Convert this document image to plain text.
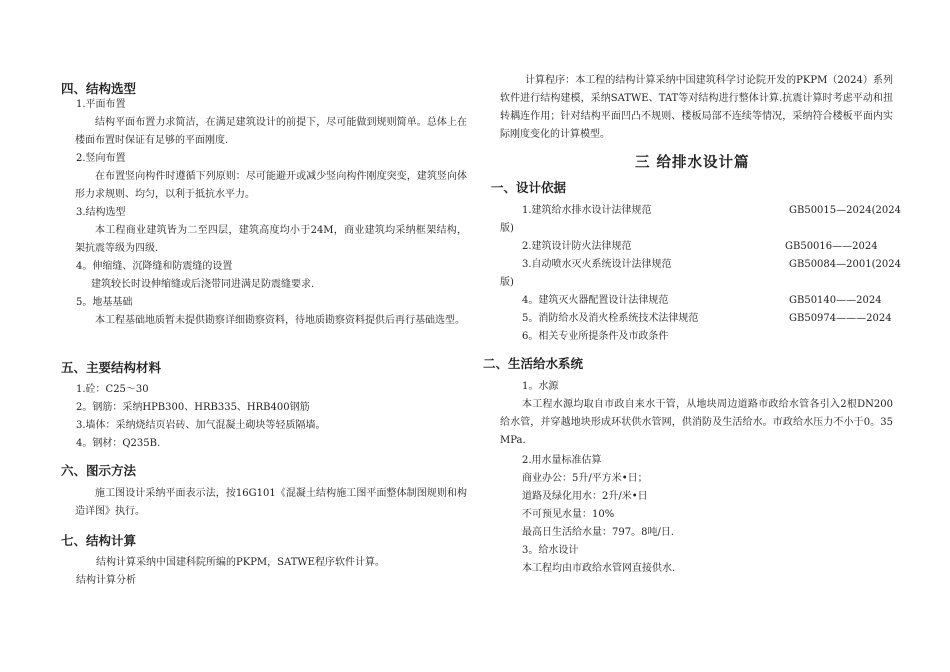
四、结构选型
1.平面布置
结构平面布置力求简洁，在满足建筑设计的前提下，尽可能做到规则简单。总体上在楼面布置时保证有足够的平面刚度.
2.竖向布置
在布置竖向构件时遵循下列原则：尽可能避开或减少竖向构件刚度突变，建筑竖向体形力求规则、均匀，以利于抵抗水平力。
3.结构选型
本工程商业建筑皆为二至四层，建筑高度均小于24M，商业建筑均采纳框架结构，架抗震等级为四级.
4。伸缩缝、沉降缝和防震缝的设置
建筑较长时设伸缩缝或后浇带同进满足防震缝要求.
5。地基基础
本工程基础地质暂未提供勘察详细勘察资料，待地质勘察资料提供后再行基础选型。
五、主要结构材料
1.砼：C25～30
2。钢筋：采纳HPB300、HRB335、HRB400钢筋
3.墙体：采纳烧结页岩砖、加气混凝土砌块等轻质隔墙。
4。钢材：Q235B.
六、图示方法
施工图设计采纳平面表示法，按16G101《混凝土结构施工图平面整体制图规则和构造详图》执行。
七、结构计算
结构计算采纳中国建科院所编的PKPM，SATWE程序软件计算。
结构计算分析
计算程序：本工程的结构计算采纳中国建筑科学讨论院开发的PKPM（2024）系列软件进行结构建模，采纳SATWE、TAT等对结构进行整体计算.抗震计算时考虑平动和扭转耦连作用；针对结构平面凹凸不规则、楼板局部不连续等情况，采纳符合楼板平面内实际刚度变化的计算模型。
三 给排水设计篇
一、设计依据
1.建筑给水排水设计法律规范	GB50015—2024(2024
版)
2.建筑设计防火法律规范	GB50016——2024
3.自动喷水灭火系统设计法律规范	GB50084—2001(2024
版)
4。建筑灭火器配置设计法律规范	GB50140——2024
5。消防给水及消火栓系统技术法律规范	GB50974———2024
6。相关专业所提条件及市政条件
二、生活给水系统
1。水源
本工程水源均取自市政自来水干管，从地块周边道路市政给水管各引入2根DN200给水管，并穿越地块形成环状供水管网，供消防及生活给水。市政给水压力不小于0。35MPa.
2.用水量标准估算
商业办公：5升/平方米•日；
道路及绿化用水：2升/米•日
不可预见水量：10%
最高日生活给水量：797。8吨/日.
3。给水设计
本工程均由市政给水管网直接供水.
